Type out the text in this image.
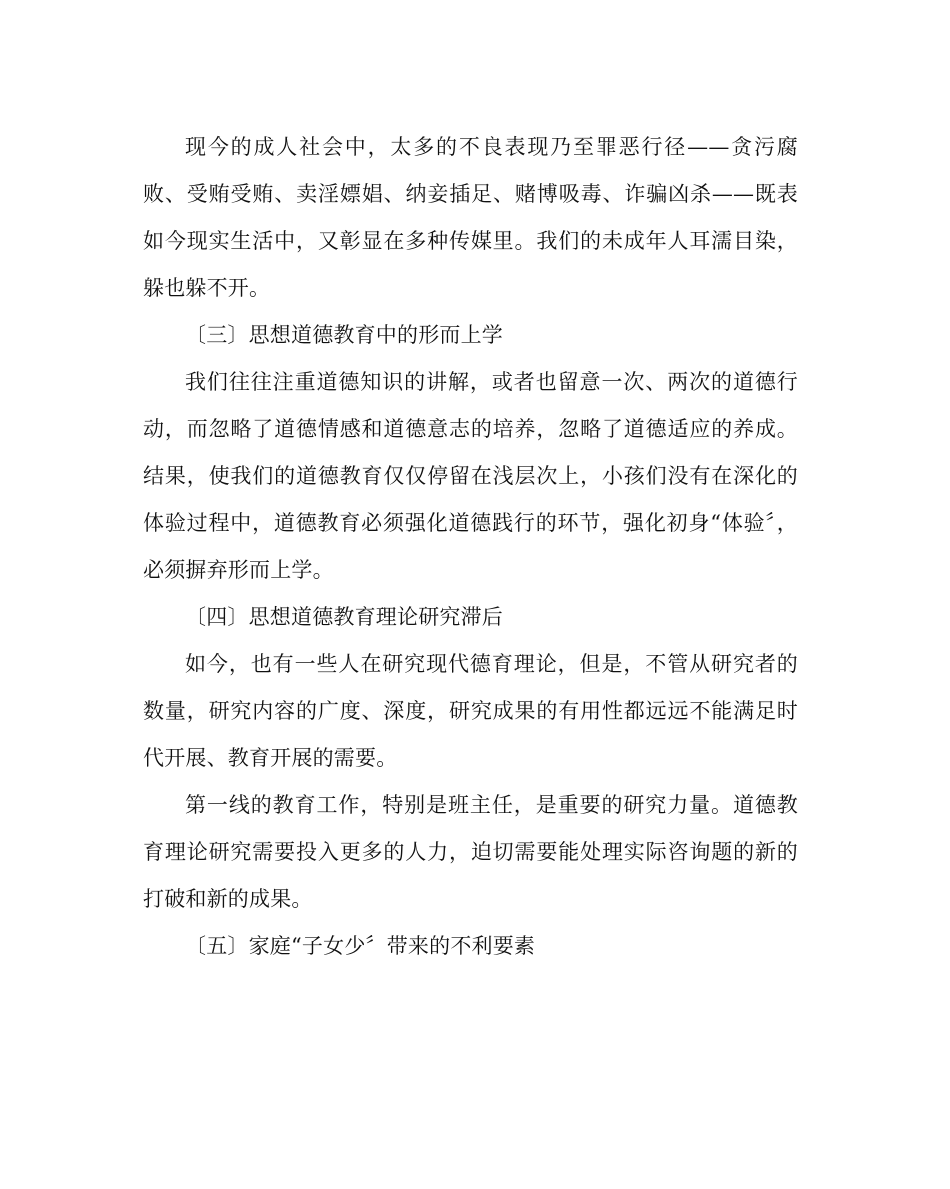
现今的成人社会中，太多的不良表现乃至罪恶行径——贪污腐败、受贿受贿、卖淫嫖娼、纳妾插足、赌博吸毒、诈骗凶杀——既表如今现实生活中，又彰显在多种传媒里。我们的未成年人耳濡目染，躲也躲不开。

〔三〕思想道德教育中的形而上学

我们往往注重道德知识的讲解，或者也留意一次、两次的道德行动，而忽略了道德情感和道德意志的培养，忽略了道德适应的养成。结果，使我们的道德教育仅仅停留在浅层次上，小孩们没有在深化的体验过程中，道德教育必须强化道德践行的环节，强化初身“体验〞，必须摒弃形而上学。

〔四〕思想道德教育理论研究滞后

如今，也有一些人在研究现代德育理论，但是，不管从研究者的数量，研究内容的广度、深度，研究成果的有用性都远远不能满足时代开展、教育开展的需要。

第一线的教育工作，特别是班主任，是重要的研究力量。道德教育理论研究需要投入更多的人力，迫切需要能处理实际咨询题的新的打破和新的成果。

〔五〕家庭“子女少〞带来的不利要素
